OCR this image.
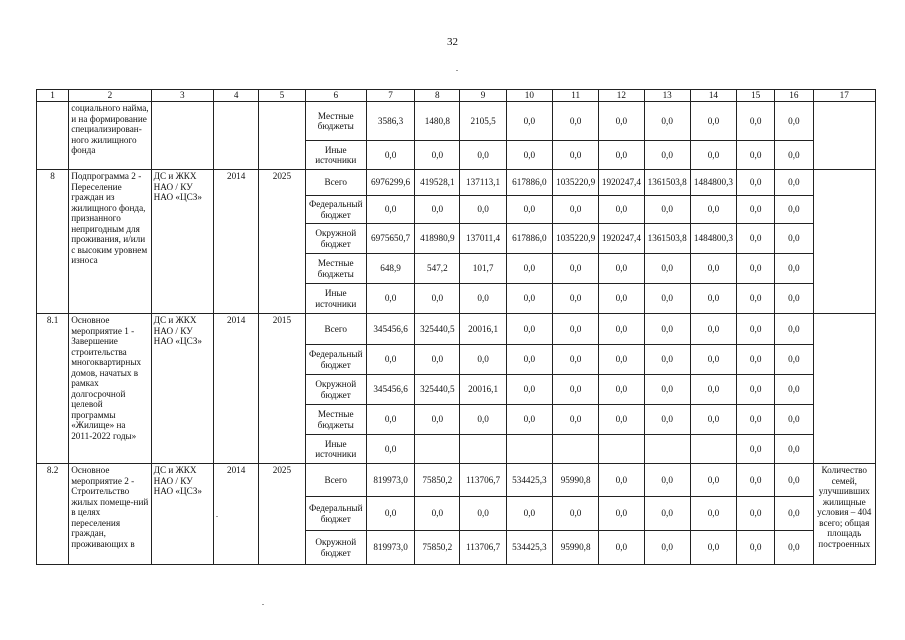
32
1	2	3	4	5	6	7	8	9	10	11	12	13	14	15	16	17
	социального найма, и на формирование специализирован-ного жилищного фонда				Местные бюджеты	3586,3	1480,8	2105,5	0,0	0,0	0,0	0,0	0,0	0,0	0,0	
					Иные источники	0,0	0,0	0,0	0,0	0,0	0,0	0,0	0,0	0,0	0,0	
8	Подпрограмма 2 - Переселение граждан из жилищного фонда, признанного непригодным для проживания, и/или с высоким уровнем износа	ДС и ЖКХ НАО / КУ НАО «ЦСЗ»	2014	2025	Всего	6976299,6	419528,1	137113,1	617886,0	1035220,9	1920247,4	1361503,8	1484800,3	0,0	0,0	
					Федеральный бюджет	0,0	0,0	0,0	0,0	0,0	0,0	0,0	0,0	0,0	0,0	
					Окружной бюджет	6975650,7	418980,9	137011,4	617886,0	1035220,9	1920247,4	1361503,8	1484800,3	0,0	0,0	
					Местные бюджеты	648,9	547,2	101,7	0,0	0,0	0,0	0,0	0,0	0,0	0,0	
					Иные источники	0,0	0,0	0,0	0,0	0,0	0,0	0,0	0,0	0,0	0,0	
8.1	Основное мероприятие 1 - Завершение строительства многоквартирных домов, начатых в рамках долгосрочной целевой программы «Жилище» на 2011-2022 годы»	ДС и ЖКХ НАО / КУ НАО «ЦСЗ»	2014	2015	Всего	345456,6	325440,5	20016,1	0,0	0,0	0,0	0,0	0,0	0,0	0,0	
					Федеральный бюджет	0,0	0,0	0,0	0,0	0,0	0,0	0,0	0,0	0,0	0,0	
					Окружной бюджет	345456,6	325440,5	20016,1	0,0	0,0	0,0	0,0	0,0	0,0	0,0	
					Местные бюджеты	0,0	0,0	0,0	0,0	0,0	0,0	0,0	0,0	0,0	0,0	
					Иные источники	0,0								0,0	0,0	
8.2	Основное мероприятие 2 - Строительство жилых помеще-ний в целях переселения граждан, проживающих в	ДС и ЖКХ НАО / КУ НАО «ЦСЗ»	2014	2025	Всего	819973,0	75850,2	113706,7	534425,3	95990,8	0,0	0,0	0,0	0,0	0,0	Количество семей, улучшивших жилищные условия – 404 всего; общая площадь построенных
					Федеральный бюджет	0,0	0,0	0,0	0,0	0,0	0,0	0,0	0,0	0,0	0,0	
					Окружной бюджет	819973,0	75850,2	113706,7	534425,3	95990,8	0,0	0,0	0,0	0,0	0,0	
